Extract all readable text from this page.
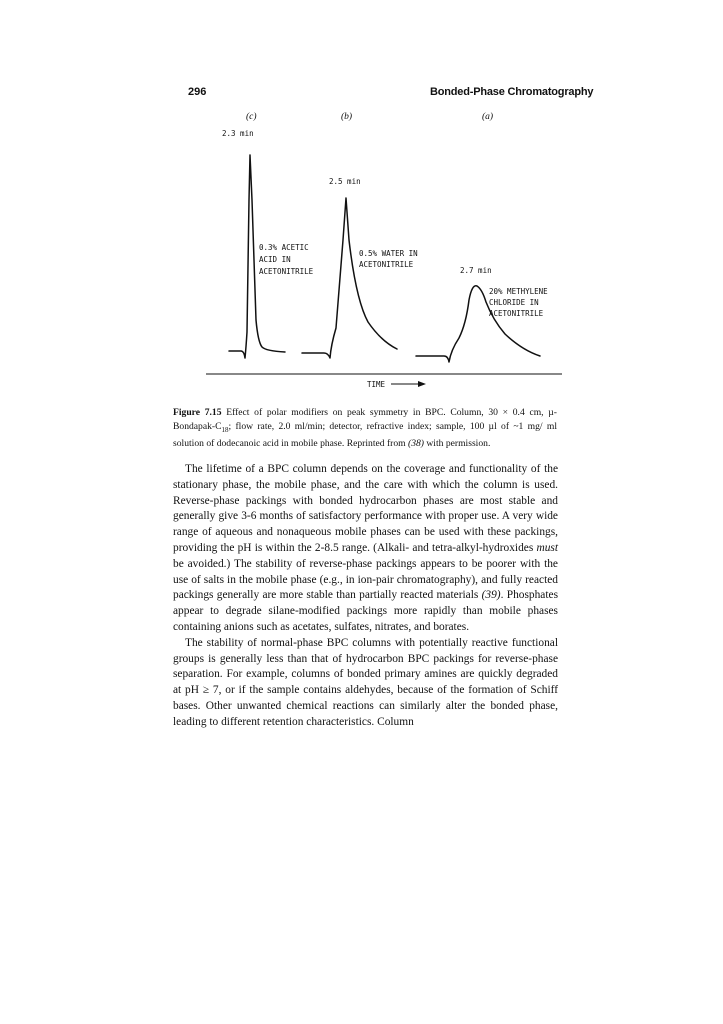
296	Bonded-Phase Chromatography
(c)	(b)	(a)
2.3 min
2.5 min
2.7 min
0.3% ACETIC
ACID IN
ACETONITRILE
0.5% WATER IN
ACETONITRILE
20% METHYLENE
CHLORIDE IN
ACETONITRILE
TIME
Figure 7.15 Effect of polar modifiers on peak symmetry in BPC. Column, 30 × 0.4 cm, $\mu-Bondapak-C_{18}$; flow rate, 2.0 ml/min; detector, refractive index; sample, 100 µl of ~1 mg/ ml solution of dodecanoic acid in mobile phase. Reprinted from (38) with permission.

The lifetime of a BPC column depends on the coverage and functionality of the stationary phase, the mobile phase, and the care with which the column is used. Reverse-phase packings with bonded hydrocarbon phases are most stable and generally give 3-6 months of satisfactory performance with proper use. A very wide range of aqueous and nonaqueous mobile phases can be used with these packings, providing the pH is within the 2-8.5 range. (Alkali- and tetra-alkyl-hydroxides must be avoided.) The stability of reverse-phase packings appears to be poorer with the use of salts in the mobile phase (e.g., in ion-pair chromatography), and fully reacted packings generally are more stable than partially reacted materials (39). Phosphates appear to degrade silane-modified packings more rapidly than mobile phases containing anions such as acetates, sulfates, nitrates, and borates.

The stability of normal-phase BPC columns with potentially reactive functional groups is generally less than that of hydrocarbon BPC packings for reverse-phase separation. For example, columns of bonded primary amines are quickly degraded at pH ≥ 7, or if the sample contains aldehydes, because of the formation of Schiff bases. Other unwanted chemical reactions can similarly alter the bonded phase, leading to different retention characteristics. Column
